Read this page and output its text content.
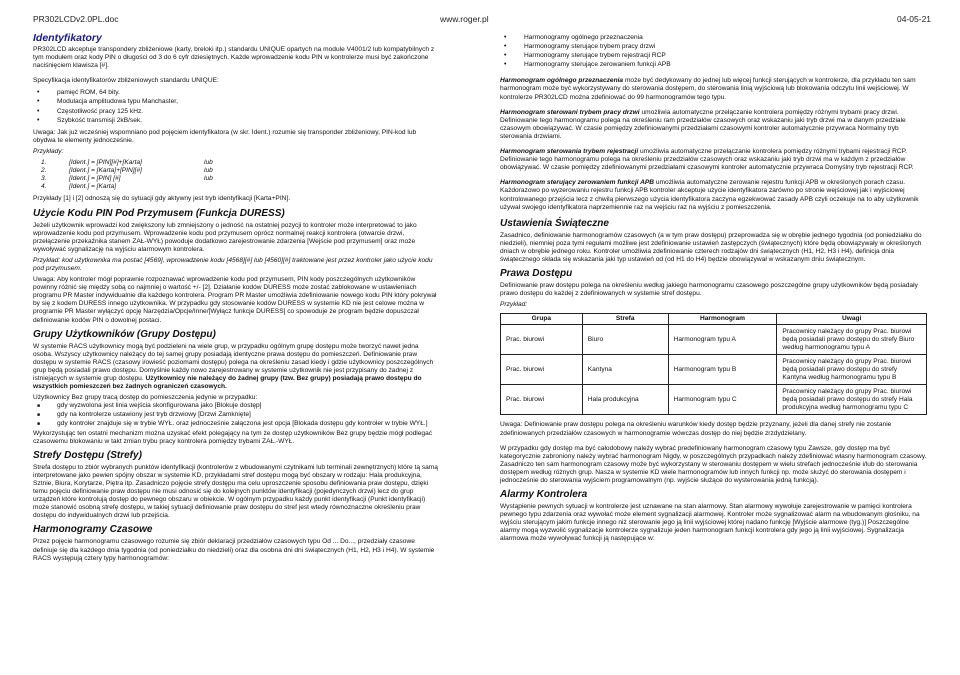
PR302LCDv2.0PL.doc	www.roger.pl	04-05-21
Identyfikatory

PR302LCD akceptuje transpondery zbliżeniowe (karty, breloki itp.) standardu UNIQUE opartych na module V4001/2 lub kompatybilnych z tym modułem oraz kody PIN o długości od 3 do 6 cyfr dziesiętnych. Każde wprowadzenie kodu PIN w kontrolerze musi być zakończone naciśnięciem klawisza [#].

Specyfikacja identyfikatorów zbliżeniowych standardu UNIQUE:

• pamięć ROM, 64 bity.
• Modulacja amplitudowa typu Manchaster,
• Częstotliwość pracy 125 kHz.
• Szybkość transmisji 2kB/sek.

Uwaga: Jak już wcześniej wspomniano pod pojęciem identyfikatora (w skr. Ident.) rozumie się transponder zbliżeniowy, PIN-kod lub obydwa te elementy jednocześnie.

Przykłady:

1.	[Ident.] = [PIN][#]+[Karta]	lub
2.	[Ident.] = [Karta]+[PIN][#]	lub
3.	[Ident.] = [PIN] [#]	lub
4.	[Ident.] = [Karta]

Przykłady [1] i [2] odnoszą się do sytuacji gdy aktywny jest tryb identyfikacji [Karta+PIN].

Użycie Kodu PIN Pod Przymusem (Funkcja DURESS)

Jeżeli użytkownik wprowadzi kod zwiększony lub zmniejszony o jedność na ostatniej pozycji to kontroler może interpretować to jako wprowadzenie kodu pod przymusem. Wprowadzenie kodu pod przymusem oprócz normalnej reakcji kontrolera (otwarcie drzwi, przełączenie przekaźnika stanem ZAŁ-WYŁ) powoduje dodatkowo zarejestrowanie zdarzenia [Wejście pod przymusem] oraz może wywoływać sygnalizację na wyjściu alarmowym kontrolera.

Przykład: kod użytkownika ma postać [4569], wprowadzenie kodu [4568][#] lub [4560][#] traktowane jest przez kontroler jako użycie kodu pod przymusem.

Uwaga: Aby kontroler mógł poprawnie rozpoznawać wprowadzenie kodu pod przymusem, PIN kody poszczególnych użytkowników powinny różnić się między sobą co najmniej o wartość +/- [2]. Działanie kodów DURESS może zostać zablokowane w ustawieniach programu PR Master indywidualnie dla każdego kontrolera. Program PR Master umożliwia zdefiniowanie nowego kodu PIN który pokrywał by się z kodem DURESS innego użytkownika. W przypadku gdy stosowanie kodów DURESS w systemie KD nie jest celowe można w programie PR Master wyłączyć opcję Narzędzia/Opcje/Inne/[Wyłącz funkcje DURESS] co spowoduje że program będzie dopuszczał definiowanie kodów PIN o dowolnej postaci.

Grupy Użytkowników (Grupy Dostępu)

W systemie RACS użytkownicy mogą być podzieleni na wiele grup, w przypadku ogólnym grupę dostępu może tworzyć nawet jedna osoba. Wszyscy użytkownicy należący do tej samej grupy posiadają identyczne prawa dostępu do pomieszczeń. Definiowanie praw dostępu w systemie RACS (czasowy i/owieść poziomami dostępu) polega na określeniu zasad kiedy i gdzie użytkownicy poszczególnych grup będą posiadali prawo dostępu. Domyślnie każdy nowo zarejestrowany w systemie użytkownik nie jest przypisany do żadnej z istniejących w systemie grup dostępu. Użytkownicy nie należący do żadnej grupy (tzw. Bez grupy) posiadają prawo dostępu do wszystkich pomieszczeń bez żadnych ograniczeń czasowych.

Użytkownicy Bez grupy tracą dostęp do pomieszczenia jedynie w przypadku:

■ gdy wyzwolona jest linia wejścia skonfigurowana jako [Blokuje dostęp]
■ gdy na kontrolerze ustawiony jest tryb drzwiowy [Drzwi Zamknięte]
■ gdy kontroler znajduje się w trybie WYŁ. oraz jednocześnie załączona jest opcja [Blokada dostępu gdy kontroler w trybie WYŁ.]

Wykorzystując ten ostatni mechanizm można uzyskać efekt polegający na tym że dostęp użytkowników Bez grupy będzie mógł podlegać czasowemu blokowaniu w takt zmian trybu pracy kontrolera pomiędzy trybami ZAŁ.-WYŁ.

Strefy Dostępu (Strefy)

Strefa dostępu to zbiór wybranych punktów identyfikacji (kontrolerów z wbudowanymi czytnikami lub terminali zewnętrznych) które tą samą interpretowane jako pewien spójny obszar w systemie KD, przykładami stref dostępu mogą być obszary w rodzaju: Hala produkcyjna, Sztnie, Biura, Korytarze, Piętra itp. Zasadniczo pojęcie strefy dostępu ma celu uproszczenie sposobu definiowania praw dostępu, dzięki temu pojęciu definiowanie praw dostępu nie musi odnosić się do kolejnych punktów identyfikacji (pojedynczych drzwi) lecz do grup urządzeń które kontrolują dostęp do pewnego obszaru w obiekcie. W ogólnym przypadku każdy punkt identyfikacji (Punkt identyfikacji) może stanowić osobną strefę dostępu, w takiej sytuacji definiowanie praw dostępu do stref jest wtedy równoznaczne określeniu praw dostępu do indywidualnych drzwi lub przejścia.

Harmonogramy Czasowe

Przez pojęcie harmonogramu czasowego rozumie się zbiór deklaracji przedziałów czasowych typu Od ... Do..., przedziały czasowe definiuje się dla każdego dnia tygodnia (od poniedziałku do niedzieli) oraz dla osobna dni dni świątecznych (H1, H2, H3 i H4). W systemie RACS występują cztery typy harmonogramów:

• Harmonogramy ogólnego przeznaczenia
• Harmonogramy sterujące trybem pracy drzwi
• Harmonogramy sterujące trybem rejestracji RCP
• Harmonogramy sterujące zerowaniem funkcji APB

Harmonogram ogólnego przeznaczenia może być dedykowany do jednej lub więcej funkcji sterujących w kontrolerze, dla przykładu ten sam harmonogram może być wykorzystywany do sterowania dostępem, do sterowania linią wyjściową lub blokowania odczytu linii wejściowej. W kontrolerze PR302LCD można zdefiniować do 99 harmonogramów tego typu.

Harmonogram sterowani trybem pracy drzwi umożliwia automatyczne przełączanie kontrolera pomiędzy różnymi trybami pracy drzwi. Definiowanie tego harmonogramu polega na określeniu ram przedziałów czasowych oraz wskazaniu jaki tryb drzwi ma w danym przedziale czasowym obowiązywać. W czasie pomiędzy zdefiniowanymi przedziałami czasowymi kontroler automatycznie przywraca Normalny tryb sterowania drzwiami.

Harmonogram sterowania trybem rejestracji umożliwia automatyczne przełączanie kontrolera pomiędzy różnymi trybami rejestracji RCP. Definiowanie tego harmonogramu polega na określeniu przedziałów czasowych oraz wskazaniu jaki tryb drzwi ma w każdym z przedziałów obowiązywać. W czasie pomiędzy zdefiniowanymi przedziałami czasowymi kontroler automatycznie przywraca Domyślny tryb rejestracji RCP.

Harmonogram sterujący zerowaniem funkcji APB umożliwia automatyczne zerowanie rejestru funkcji APB w określonych porach czasu. Każdorazowo po wyzerowaniu rejestru funkcji APB kontroler akceptuje użycie identyfikatora zarówno po stronie wejściowej jak i wyjściowej kontrolowanego przejścia lecz z chwilą pierwszego użycia identyfikatora zaczyna egzekwować zasady APB czyli oczekuje na to aby użytkownik używał swojego identyfikatora naprzemiennie raz na wejściu raz na wyjściu z pomieszczenia.

Ustawienia Świąteczne

Zasadnico, definiowanie harmonogramów czasowych (a w tym praw dostępu) przeprowadza się w obrębie jednego tygodnia (od poniedziałku do niedzieli), niemniej poza tymi regułami możliwe jest zdefiniowanie ustawień zastępczych (świątecznych) które będą obowiązywały w określonych dniach w obrębie jednego roku. Kontroler umożliwia zdefiniowanie czterech rodzajów dni świątecznych (H1, H2, H3 i H4), definicja dnia świątecznego składa się wskazania jaki typ ustawień od (od H1 do H4) będzie obowiązywał w wskazanym dniu świątecznym.

Prawa Dostępu

Definiowanie praw dostępu polega na określeniu według jakiego harmonogramu czasowego poszczególne grupy użytkowników będą posiadały prawo dostępu do każdej z zdefiniowanych w systemie stref dostępu.

Przykład:

Grupa	Strefa	Harmonogram	Uwagi
Prac. biurowi	Biuro	Harmonogram typu A	Pracownicy należący do grupy Prac. biurowi będą posiadali prawo dostępu do strefy Biuro według harmonogramu typu A
Prac. biurowi	Kantyna	Harmonogram typu B	Pracownicy należący do grupy Prac. biurowi będą posiadali prawo dostępu do strefy Kantyna według harmonogramu typu B
Prac. biurowi	Hala produkcyjna	Harmonogram typu C	Pracownicy należący do grupy Prac. biurowi będą posiadali prawo dostępu do strefy Hala produkcyjna według harmonogramu typu C

Uwaga: Definiowanie praw dostępu polega na określeniu warunków kiedy dostęp będzie przyznany, jeżeli dla danej strefy nie zostanie zdefiniowanych przedziałów czasowych w harmonogramie wówczas dostęp do niej będzie zrzdydzielany.

W przypadku gdy dostęp ma być całodobowy należy wybrać predefiniowany harmonogram czasowy typu Zawsze, gdy dostęp ma być kategorycznie zabroniony należy wybrać harmonogram Nigdy, w poszczególnych przypadkach należy zdefiniować własny harmonogram czasowy. Zasadniczo ten sam harmonogram czasowy może być wykorzystany w sterowaniu dostępem w wielu strefach jednocześnie i/lub do sterowania dostępem według różnych grup. Nasza w systemie KD wiele harmonogramów lub innych funkcji np. może służyć do sterowania dostępem i jednocześnie do sterowania wyjściem programowalnym (np. wyjście służące do wysterowania jedną funkcją).

Alarmy Kontrolera

Wystąpienie pewnych sytuacji w kontrolerze jest uznawane na stan alarmowy. Stan alarmowy wywołuje zarejestrowanie w pamięci kontrolera pewnego typu zdarzenia oraz wywołać może element sygnalizacji alarmowej. Kontroler może sygnalizować alarm na wbudowanym głośniku, na wyjściu sterującym jakim funkcje innego niż sterowanie jego ją linii wyjściowej której nadano funkcję [Wyjście alarmowe (tyg.)] Poszczególne alarmy mogą wyzwolić sygnalizacje kontrolerze sygnalizuje jeden harmonogram funkcji kontrolera gdy jego ją linii wyjściowej. Sygnalizacja alarmowa może wywoływać funkcji ją następujące w:
